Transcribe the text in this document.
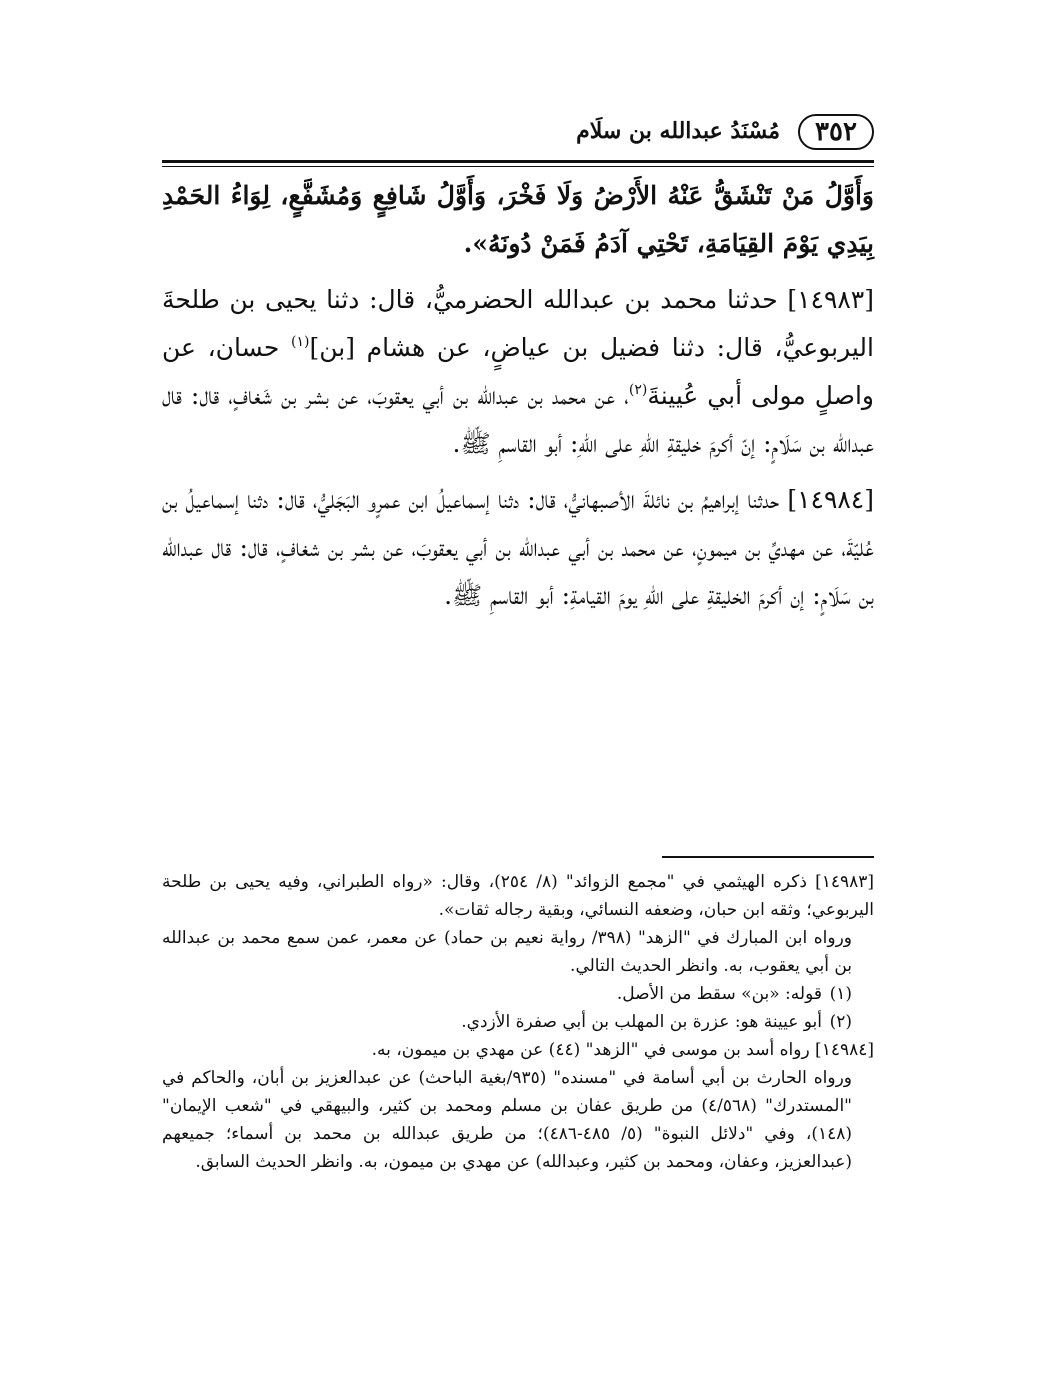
٣٥٢
مُسْنَدُ عبدالله بن سلَام

وَأَوَّلُ مَنْ تَنْشَقُّ عَنْهُ الأَرْضُ وَلَا فَخْرَ، وَأَوَّلُ شَافِعٍ وَمُشَفَّعٍ، لِوَاءُ الحَمْدِ بِيَدِي يَوْمَ القِيَامَةِ، تَحْتِي آدَمُ فَمَنْ دُونَهُ».

[١٤٩٨٣] حدثنا محمد بن عبدالله الحضرميُّ، قال: دثنا يحيى بن طلحةَ اليربوعيُّ، قال: دثنا فضيل بن عياضٍ، عن هشام [بن]$^{(١)}$ حسان، عن واصلٍ مولى أبي عُيينةَ$^{(٢)}$، عن محمد بن عبدالله بن أبي يعقوبَ، عن بشر بن شَغافٍ، قال: قال عبدالله بن سَلَامٍ: إنّ أكرمَ خليقةِ اللهِ على اللهِ: أبو القاسمِ ﷺ.

[١٤٩٨٤] حدثنا إبراهيمُ بن نائلةَ الأصبهانيُّ، قال: دثنا إسماعيلُ ابن عمرٍو البَجَليُّ، قال: دثنا إسماعيلُ بن عُليّةَ، عن مهديِّ بن ميمونٍ، عن محمد بن أبي عبدالله بن أبي يعقوبَ، عن بشر بن شغافٍ، قال: قال عبدالله بن سَلَامٍ: إن أكرمَ الخليقةِ على اللهِ يومَ القيامةِ: أبو القاسمِ ﷺ.

[١٤٩٨٣] ذكره الهيثمي في "مجمع الزوائد" (٨/ ٢٥٤)، وقال: «رواه الطبراني، وفيه يحيى بن طلحة اليربوعي؛ وثقه ابن حبان، وضعفه النسائي، وبقية رجاله ثقات».

ورواه ابن المبارك في "الزهد" (٣٩٨/ رواية نعيم بن حماد) عن معمر، عمن سمع محمد بن عبدالله بن أبي يعقوب، به. وانظر الحديث التالي.

(١)قوله: «بن» سقط من الأصل.

(٢)أبو عيينة هو: عزرة بن المهلب بن أبي صفرة الأزدي.

[١٤٩٨٤] رواه أسد بن موسى في "الزهد" (٤٤) عن مهدي بن ميمون، به.

ورواه الحارث بن أبي أسامة في "مسنده" (٩٣٥/بغية الباحث) عن عبدالعزيز بن أبان، والحاكم في "المستدرك" (٤/٥٦٨) من طريق عفان بن مسلم ومحمد بن كثير، والبيهقي في "شعب الإيمان" (١٤٨)، وفي "دلائل النبوة" (٥/ ٤٨٥-٤٨٦)؛ من طريق عبدالله بن محمد بن أسماء؛ جميعهم (عبدالعزيز، وعفان، ومحمد بن كثير، وعبدالله) عن مهدي بن ميمون، به. وانظر الحديث السابق.
